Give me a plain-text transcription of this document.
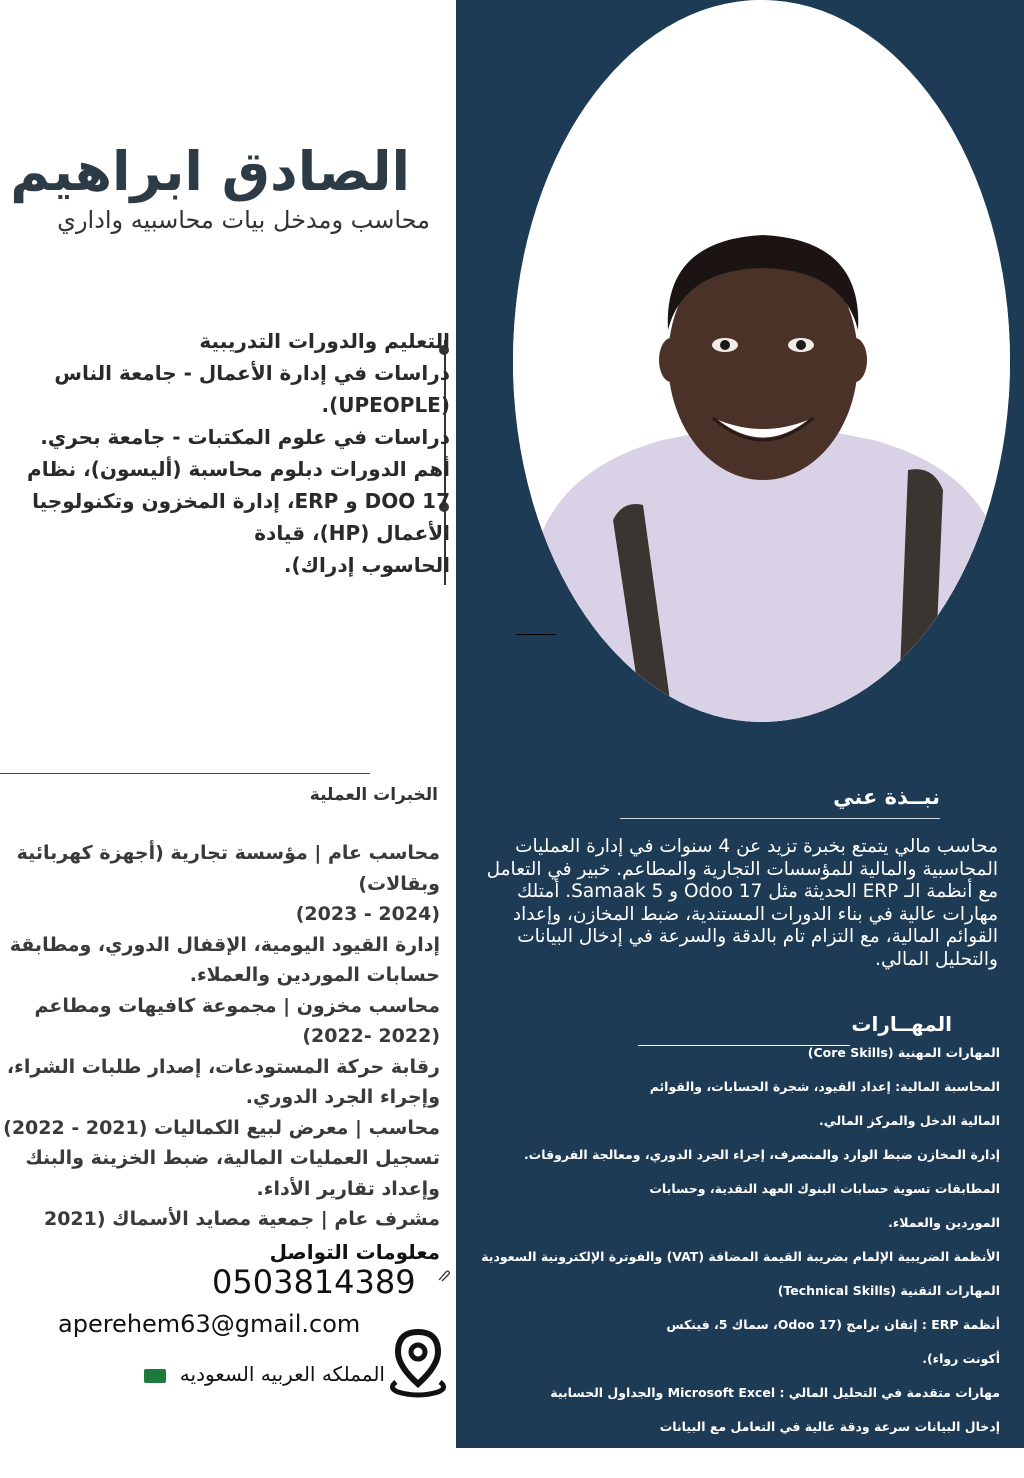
الصادق ابراهيم
محاسب ومدخل بيات محاسبيه واداري

التعليم والدورات التدريبية

دراسات في إدارة الأعمال - جامعة الناس

(UPEOPLE).

دراسات في علوم المكتبات - جامعة بحري.

أهم الدورات دبلوم محاسبة (أليسون)، نظام

DOO 17 و ERP، إدارة المخزون وتكنولوجيا

الأعمال (HP)، قيادة

الحاسوب إدراك).

الخبرات العملية

محاسب عام | مؤسسة تجارية (أجهزة كهربائية

وبقالات)

(2024 - 2023)

إدارة القيود اليومية، الإقفال الدوري، ومطابقة

حسابات الموردين والعملاء.

محاسب مخزون | مجموعة كافيهات ومطاعم

(2022 -2022)

رقابة حركة المستودعات، إصدار طلبات الشراء،

وإجراء الجرد الدوري.

محاسب | معرض لبيع الكماليات (2021 - 2022)

تسجيل العمليات المالية، ضبط الخزينة والبنك

وإعداد تقارير الأداء.

مشرف عام | جمعية مصايد الأسماك (2021

معلومات التواصل
0503814389
aperehem63@gmail.com
المملكه العربيه السعوديه
نبــذة عني
محاسب مالي يتمتع بخبرة تزيد عن 4 سنوات في إدارة العمليات المحاسبية والمالية للمؤسسات التجارية والمطاعم. خبير في التعامل مع أنظمة الـ ERP الحديثة مثل Odoo 17 و Samaak 5. أمتلك مهارات عالية في بناء الدورات المستندية، ضبط المخازن، وإعداد القوائم المالية، مع التزام تام بالدقة والسرعة في إدخال البيانات والتحليل المالي.
المهــارات

المهارات المهنية (Core Skills)

المحاسبة المالية: إعداد القيود، شجرة الحسابات، والقوائم

المالية الدخل والمركز المالي.

إدارة المخازن ضبط الوارد والمنصرف، إجراء الجرد الدوري، ومعالجة الفروقات.

المطابقات تسوية حسابات البنوك العهد النقدية، وحسابات

الموردين والعملاء.

الأنظمة الضريبية الإلمام بضريبة القيمة المضافة (VAT) والفوترة الإلكترونية السعودية

المهارات التقنية (Technical Skills)

أنظمة ERP : إتقان برامج (Odoo 17، سماك 5، فينكس

أكونت رواء).

مهارات متقدمة في التحليل المالي : Microsoft Excel والجداول الحسابية

إدخال البيانات سرعة ودقة عالية في التعامل مع البيانات

المالية الكبيرة.
